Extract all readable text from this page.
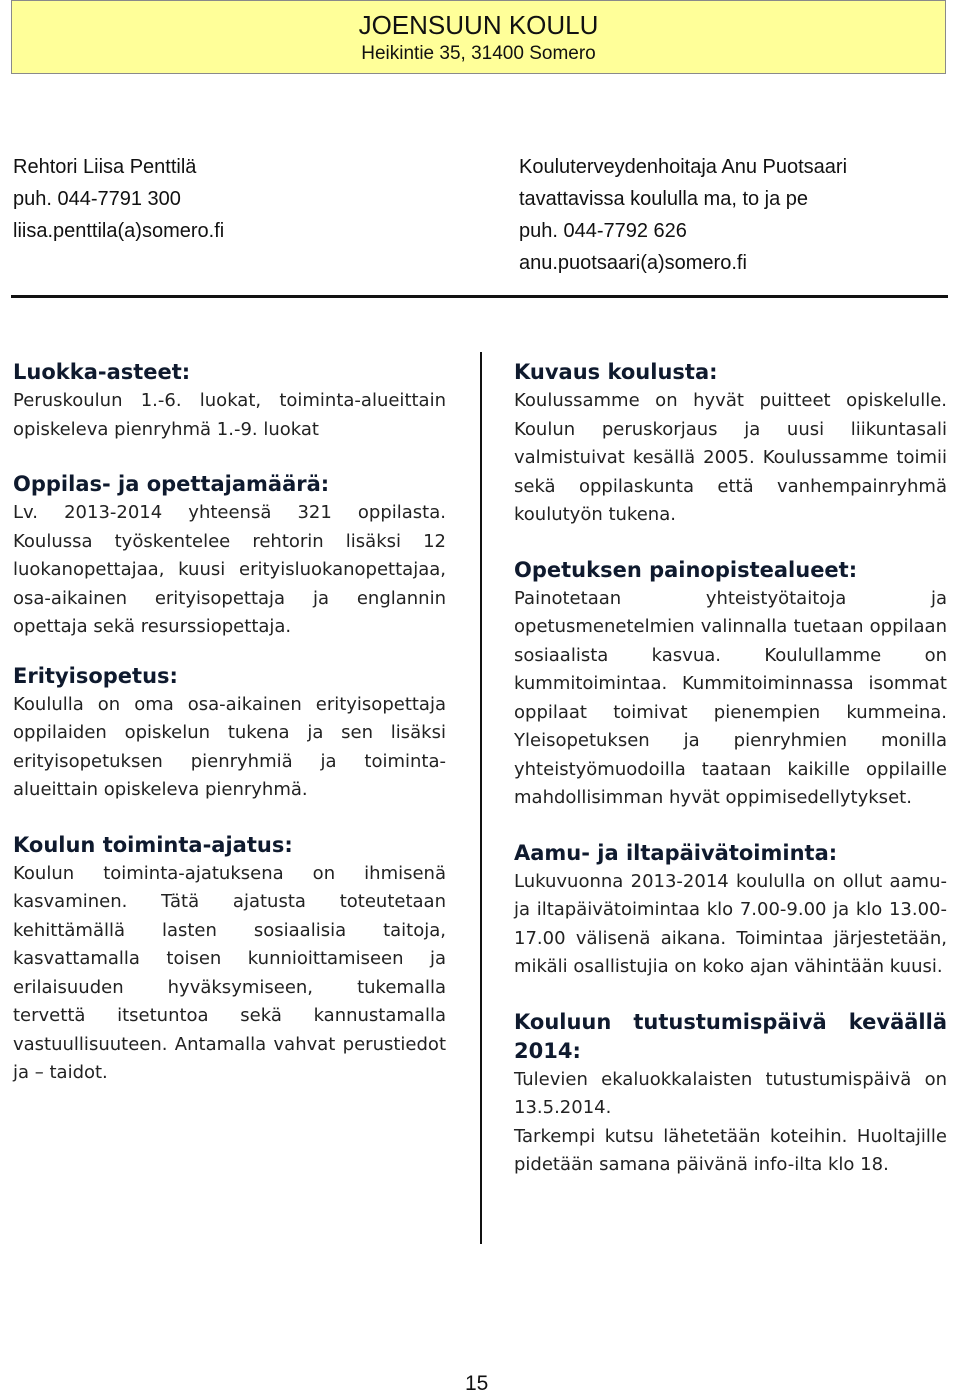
JOENSUUN KOULU
Heikintie 35, 31400 Somero
Rehtori Liisa Penttilä
puh. 044-7791 300
liisa.penttila(a)somero.fi
Kouluterveydenhoitaja Anu Puotsaari
tavattavissa koululla ma, to ja pe
puh. 044-7792 626
anu.puotsaari(a)somero.fi
Luokka-asteet:

Peruskoulun 1.-6. luokat, toiminta-alueittain opiskeleva pienryhmä 1.-9. luokat

Oppilas- ja opettajamäärä:

Lv. 2013-2014 yhteensä 321 oppilasta. Koulussa työskentelee rehtorin lisäksi 12 luokanopettajaa, kuusi erityisluokanopettajaa, osa-aikainen erityisopettaja ja englannin opettaja sekä resurssiopettaja.

Erityisopetus:

Koululla on oma osa-aikainen erityisopettaja oppilaiden opiskelun tukena ja sen lisäksi erityisopetuksen pienryhmiä ja toiminta-alueittain opiskeleva pienryhmä.

Koulun toiminta-ajatus:

Koulun toiminta-ajatuksena on ihmisenä kasvaminen. Tätä ajatusta toteutetaan kehittämällä lasten sosiaalisia taitoja, kasvattamalla toisen kunnioittamiseen ja erilaisuuden hyväksymiseen, tukemalla tervettä itsetuntoa sekä kannustamalla vastuullisuuteen. Antamalla vahvat perustiedot ja – taidot.

Kuvaus koulusta:

Koulussamme on hyvät puitteet opiskelulle. Koulun peruskorjaus ja uusi liikuntasali valmistuivat kesällä 2005. Koulussamme toimii sekä oppilaskunta että vanhempainryhmä koulutyön tukena.

Opetuksen painopistealueet:

Painotetaan yhteistyötaitoja ja opetusmenetelmien valinnalla tuetaan oppilaan sosiaalista kasvua. Koulullamme on kummitoimintaa. Kummitoiminnassa isommat oppilaat toimivat pienempien kummeina. Yleisopetuksen ja pienryhmien monilla yhteistyömuodoilla taataan kaikille oppilaille mahdollisimman hyvät oppimisedellytykset.

Aamu- ja iltapäivätoiminta:

Lukuvuonna 2013-2014 koululla on ollut aamu- ja iltapäivätoimintaa klo 7.00-9.00 ja klo 13.00-17.00 välisenä aikana. Toimintaa järjestetään, mikäli osallistujia on koko ajan vähintään kuusi.

Kouluun tutustumispäivä keväällä 2014:

Tulevien ekaluokkalaisten tutustumispäivä on 13.5.2014.

Tarkempi kutsu lähetetään koteihin. Huoltajille pidetään samana päivänä info-ilta klo 18.

15
